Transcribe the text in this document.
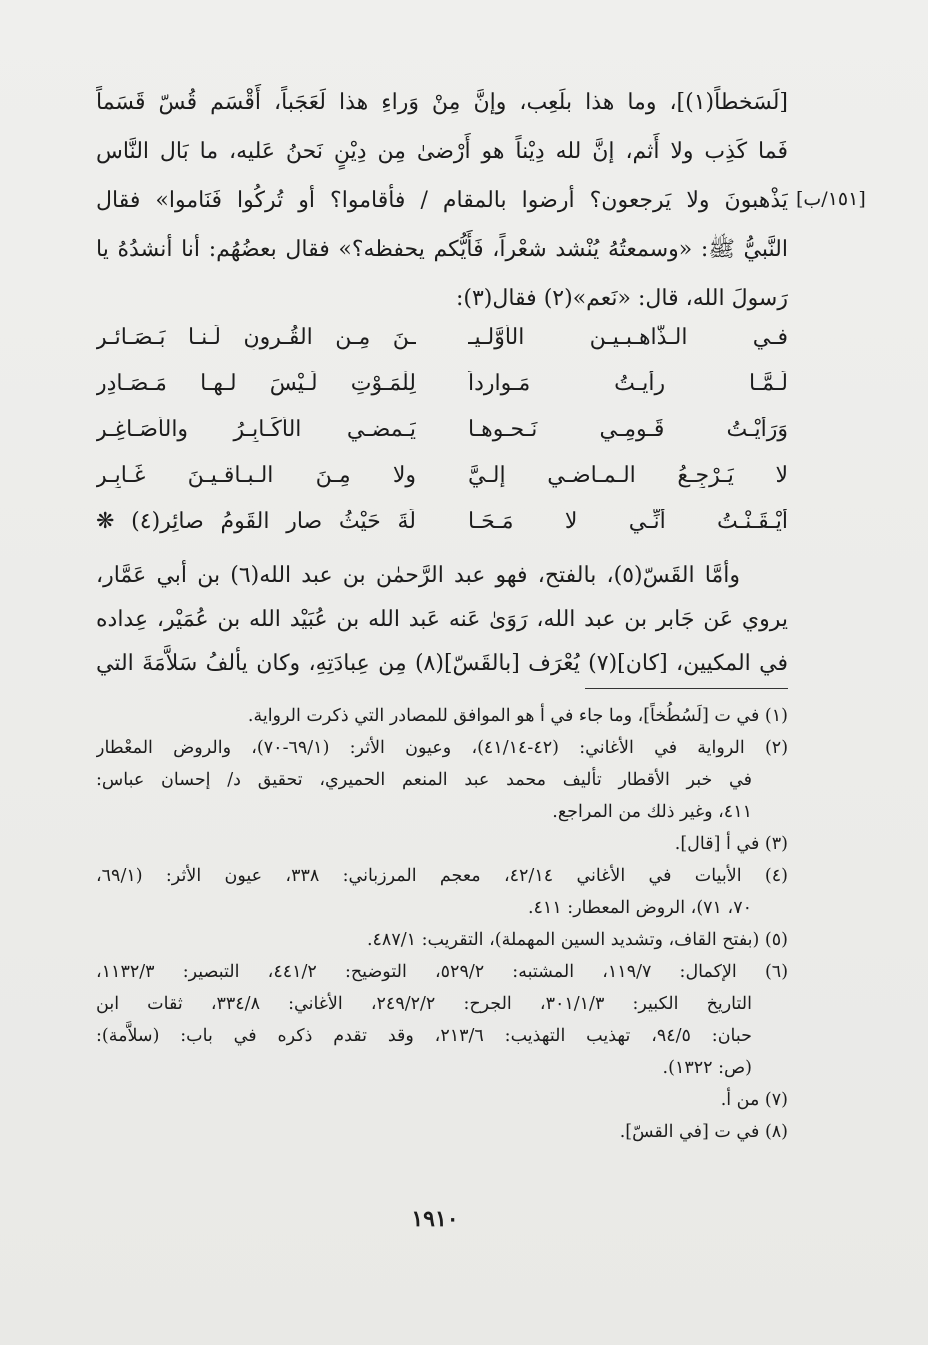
[١٥١/ب]
[لَسَخطاً(١)]، وما هذا بلَعِب، وإنَّ مِنْ وَراءِ هذا لَعَجَباً، أَقْسَم قُسّ قَسَماً
فَما كَذِب ولا أَثم، إنَّ لله دِيْناً هو أَرْضىٰ مِن دِيْنٍ نَحنُ عَليه، ما بَال النَّاس
يَذْهبونَ ولا يَرجعون؟ أرضوا بالمقام / فأقاموا؟ أو تُركُوا فَنَاموا» فقال
النَّبيُّ ﷺ: «وسمعتُهُ يُنْشد شعْراً، فَأَيُّكم يحفظه؟» فقال بعضُهُم: أنا أنشدُهُ يا
رَسولَ الله، قال: «نَعم»(٢) فقال(٣):
فـي الـذَّاهـبـيـن الأوَّلـيـ
ـنَ مِـن القُـرونِ لَـنـا بَـصَـائـر
لَـمَّـا رأيـتُ مَـوارِداً
لِلْمَـوْتِ لَـيْسَ لـهـا مَـصَـادِر
وَرَأيْـتُ قَـومِـي نَـحـوهـا
يَـمضـي الأكَـابِـرُ والأصَـاغِـر
لا يَـرْجِـعُ الـمـاضـي إلـيَّ
ولا مِـنَ الـبـاقـيـنَ غَـابِـر
أيْـقَـنْـتُ أنِّـي لا مَـحَـا
لَةَ حَيْثُ صار القَومُ صائِر(٤) ❋
وأمَّا القَسّ(٥)، بالفتح، فهو عبد الرَّحمٰن بن عبد الله(٦) بن أبي عَمَّار،
يروي عَن جَابر بن عبد الله، رَوَىٰ عَنه عَبد الله بن عُبَيْد الله بن عُمَيْر، عِداده
في المكيين، [كان](٧) يُعْرَف [بالقَسّ](٨) مِن عِبادَتِهِ، وكان يألفُ سَلاَّمَةَ التي
(١) في ت [لَسُطُخاً]، وما جاء في أ هو الموافق للمصادر التي ذكرت الرواية.
(٢) الرواية في الأغاني: (٤٢-٤١/١٤)، وعيون الأثر: (٦٩/١-٧٠)، والروض المعْطار
في خبر الأقطار تأليف محمد عبد المنعم الحميري، تحقيق د/ إحسان عباس:
٤١١، وغير ذلك من المراجع.
(٣) في أ [قال].
(٤) الأبيات في الأغاني ٤٢/١٤، معجم المرزباني: ٣٣٨، عيون الأثر: (٦٩/١،
٧٠، ٧١)، الروض المعطار: ٤١١.
(٥) (بفتح القاف، وتشديد السين المهملة)، التقريب: ٤٨٧/١.
(٦) الإكمال: ١١٩/٧، المشتبه: ٥٢٩/٢، التوضيح: ٤٤١/٢، التبصير: ١١٣٢/٣،
التاريخ الكبير: ٣٠١/١/٣، الجرح: ٢٤٩/٢/٢، الأغاني: ٣٣٤/٨، ثقات ابن
حبان: ٩٤/٥، تهذيب التهذيب: ٢١٣/٦، وقد تقدم ذكره في باب: (سلاَّمة):
(ص: ١٣٢٢).
(٧) من أ.
(٨) في ت [في القسّ].
١٩١٠
